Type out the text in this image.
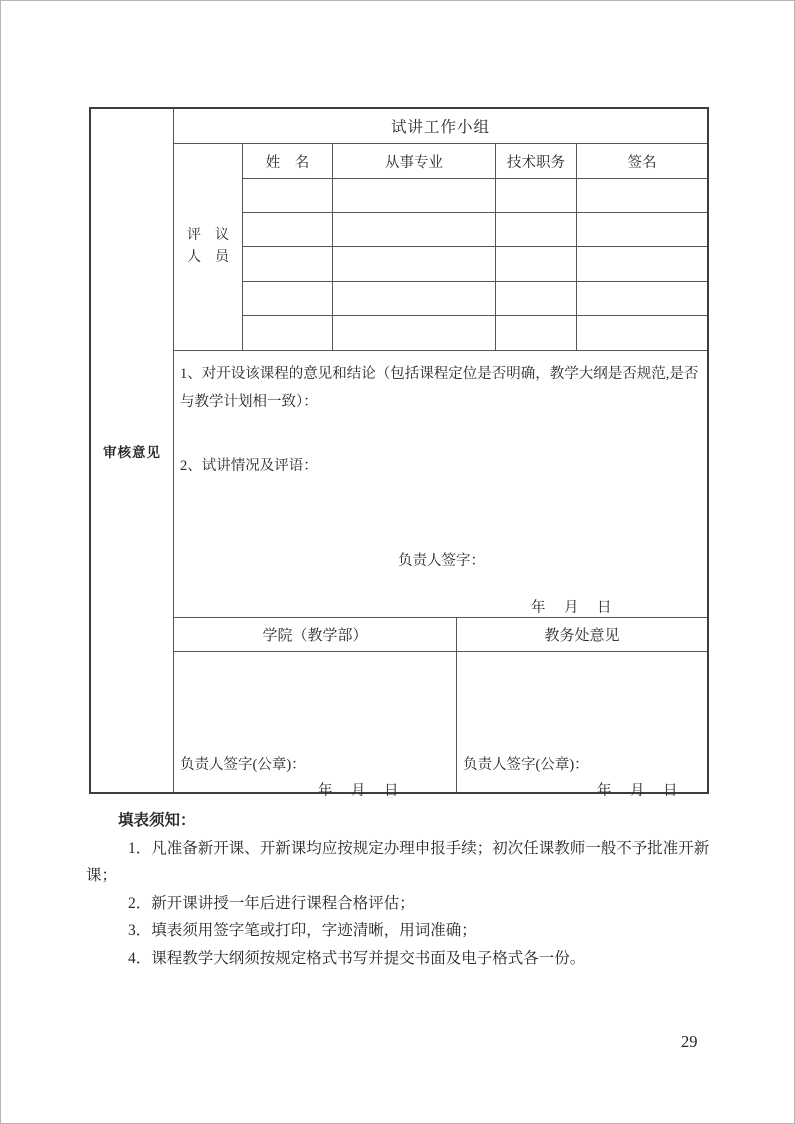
审核意见
试讲工作小组
评　议
人　员
姓　名	从事专业	技术职务	签名

1、对开设该课程的意见和结论（包括课程定位是否明确，教学大纲是否规范,是否与教学计划相一致）：

2、试讲情况及评语：

负责人签字：
年　月　日
学院（教学部）	教务处意见
负责人签字(公章)：
年　月　日
负责人签字(公章)：
年　月　日
填表须知：

1．凡准备新开课、开新课均应按规定办理申报手续；初次任课教师一般不予批准开新课；

2．新开课讲授一年后进行课程合格评估；

3．填表须用签字笔或打印，字迹清晰，用词准确；

4．课程教学大纲须按规定格式书写并提交书面及电子格式各一份。

29
